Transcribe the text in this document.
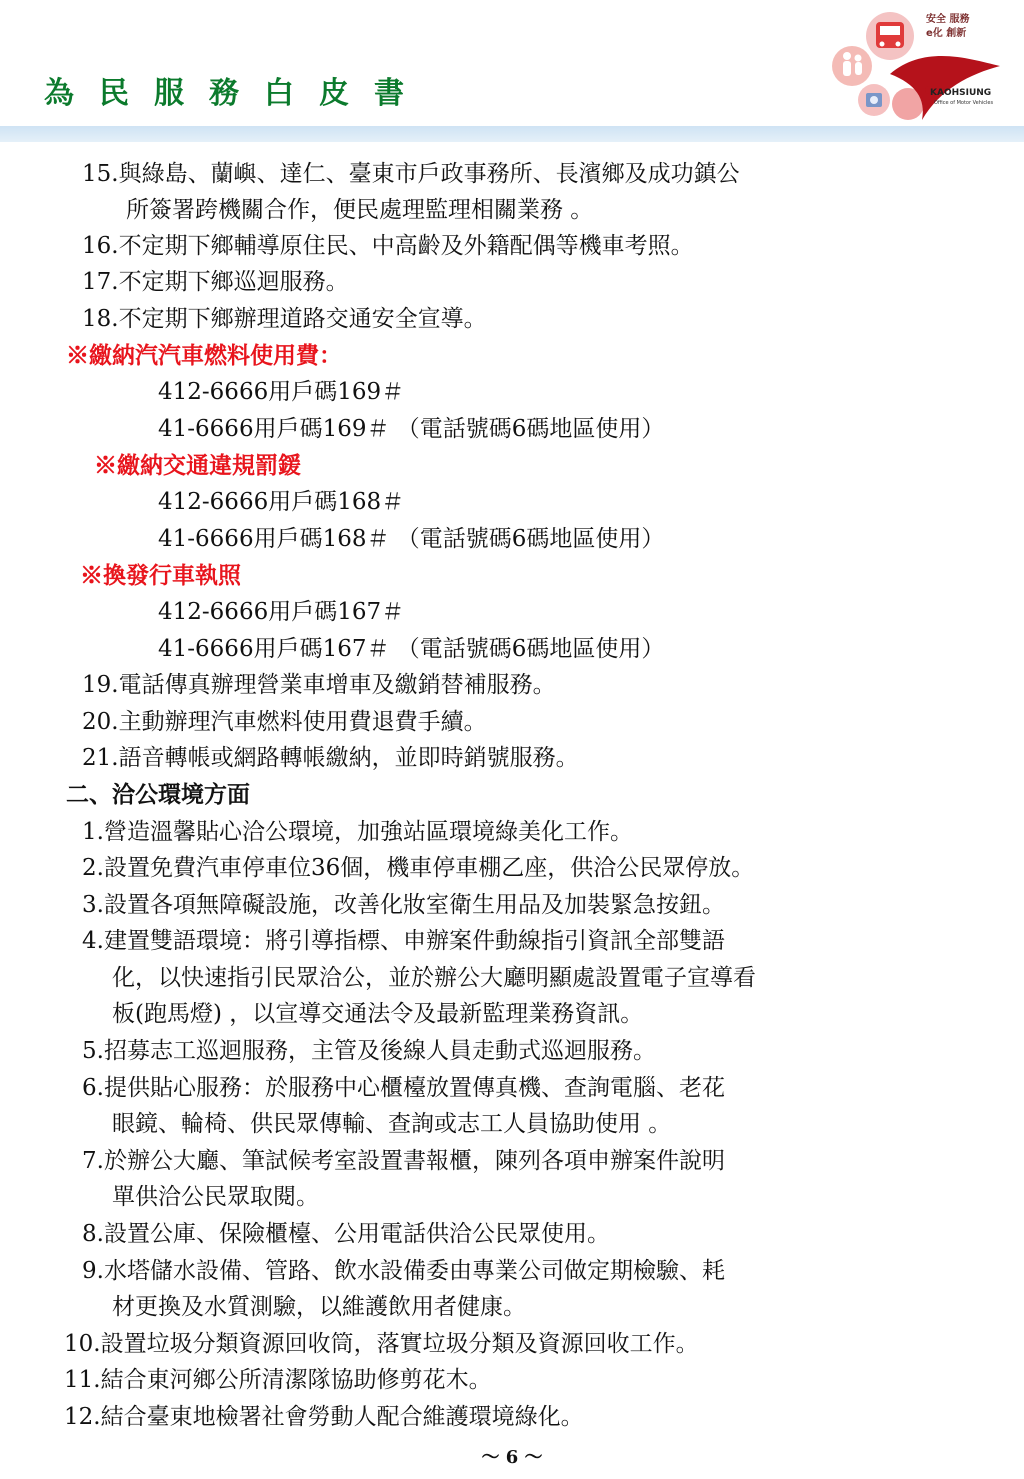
為民服務白皮書
安全 服務
e化 創新
KAOHSIUNG
Office of Motor Vehicles
15.與綠島、蘭嶼、達仁、臺東市戶政事務所、長濱鄉及成功鎮公
所簽署跨機關合作，便民處理監理相關業務 。
16.不定期下鄉輔導原住民、中高齡及外籍配偶等機車考照。
17.不定期下鄉巡迴服務。
18.不定期下鄉辦理道路交通安全宣導。
※繳納汽汽車燃料使用費：
412-6666用戶碼169＃
41-6666用戶碼169＃ （電話號碼6碼地區使用）
※繳納交通違規罰鍰
412-6666用戶碼168＃
41-6666用戶碼168＃ （電話號碼6碼地區使用）
※換發行車執照
412-6666用戶碼167＃
41-6666用戶碼167＃ （電話號碼6碼地區使用）
19.電話傳真辦理營業車增車及繳銷替補服務。
20.主動辦理汽車燃料使用費退費手續。
21.語音轉帳或網路轉帳繳納，並即時銷號服務。
二、洽公環境方面
1.營造溫馨貼心洽公環境，加強站區環境綠美化工作。
2.設置免費汽車停車位36個，機車停車棚乙座，供洽公民眾停放。
3.設置各項無障礙設施，改善化妝室衛生用品及加裝緊急按鈕。
4.建置雙語環境：將引導指標、申辦案件動線指引資訊全部雙語
化，以快速指引民眾洽公，並於辦公大廳明顯處設置電子宣導看
板(跑馬燈) ，以宣導交通法令及最新監理業務資訊。
5.招募志工巡迴服務，主管及後線人員走動式巡迴服務。
6.提供貼心服務：於服務中心櫃檯放置傳真機、查詢電腦、老花
眼鏡、輪椅、供民眾傳輸、查詢或志工人員協助使用 。
7.於辦公大廳、筆試候考室設置書報櫃，陳列各項申辦案件說明
單供洽公民眾取閱。
8.設置公庫、保險櫃檯、公用電話供洽公民眾使用。
9.水塔儲水設備、管路、飲水設備委由專業公司做定期檢驗、耗
材更換及水質測驗，以維護飲用者健康。
10.設置垃圾分類資源回收筒，落實垃圾分類及資源回收工作。
11.結合東河鄉公所清潔隊協助修剪花木。
12.結合臺東地檢署社會勞動人配合維護環境綠化。
～ 6 ～
